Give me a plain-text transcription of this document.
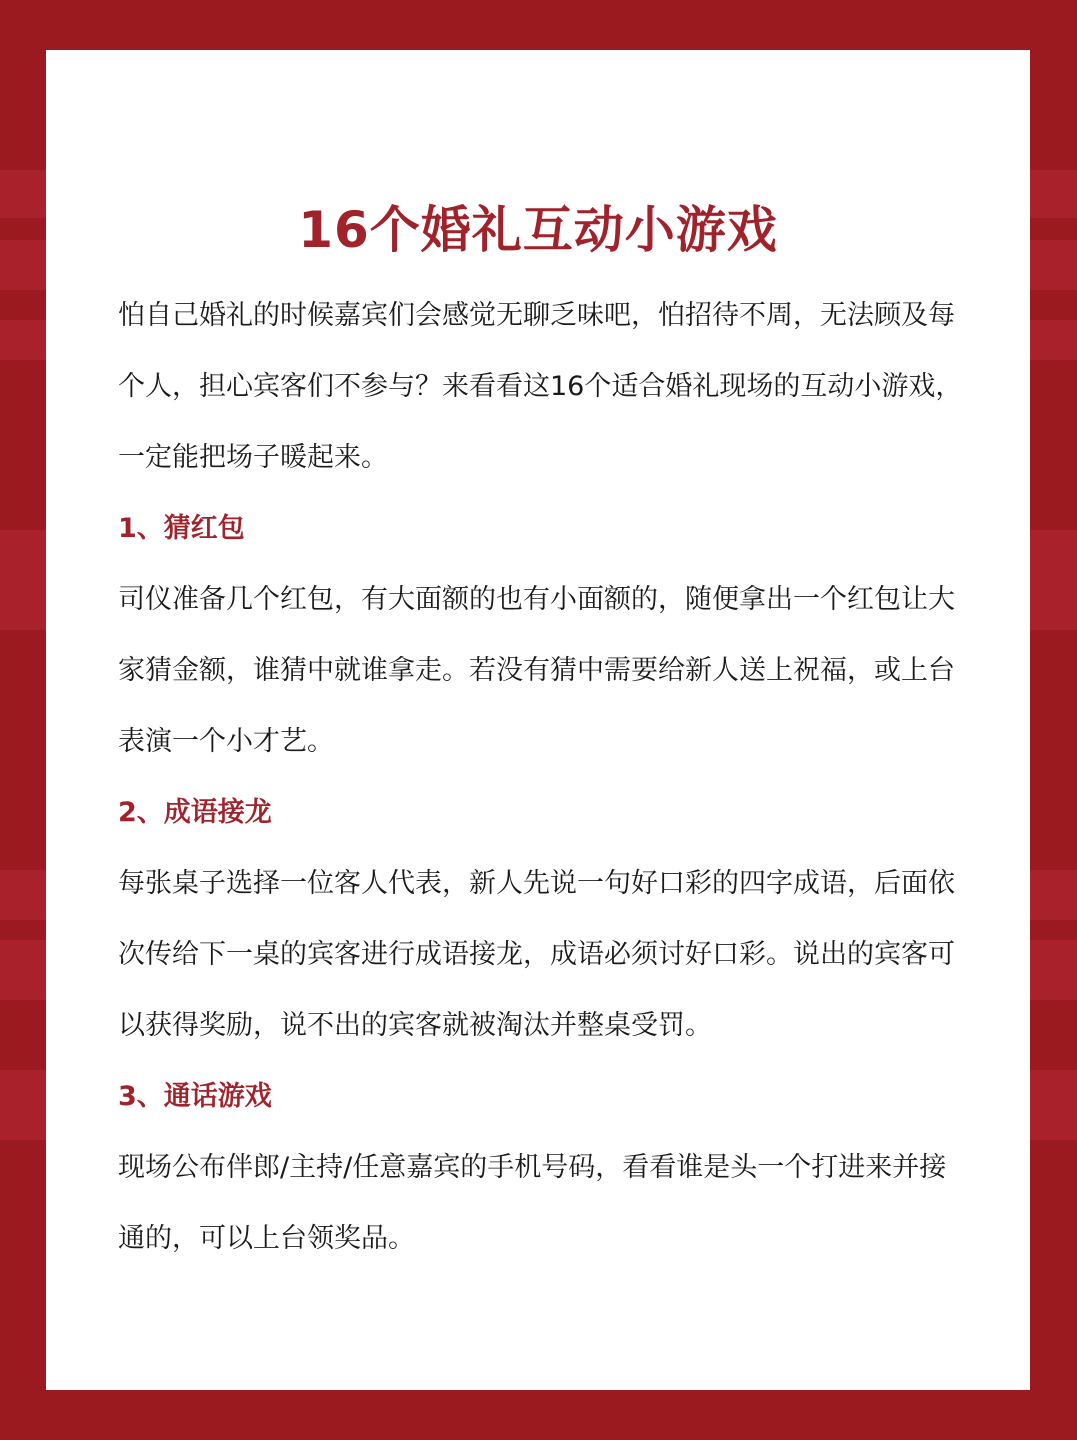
16个婚礼互动小游戏

怕自己婚礼的时候嘉宾们会感觉无聊乏味吧，怕招待不周，无法顾及每个人，担心宾客们不参与？来看看这16个适合婚礼现场的互动小游戏，一定能把场子暖起来。

1、猜红包

司仪准备几个红包，有大面额的也有小面额的，随便拿出一个红包让大家猜金额，谁猜中就谁拿走。若没有猜中需要给新人送上祝福，或上台表演一个小才艺。

2、成语接龙

每张桌子选择一位客人代表，新人先说一句好口彩的四字成语，后面依次传给下一桌的宾客进行成语接龙，成语必须讨好口彩。说出的宾客可以获得奖励，说不出的宾客就被淘汰并整桌受罚。

3、通话游戏

现场公布伴郎/主持/任意嘉宾的手机号码，看看谁是头一个打进来并接通的，可以上台领奖品。
